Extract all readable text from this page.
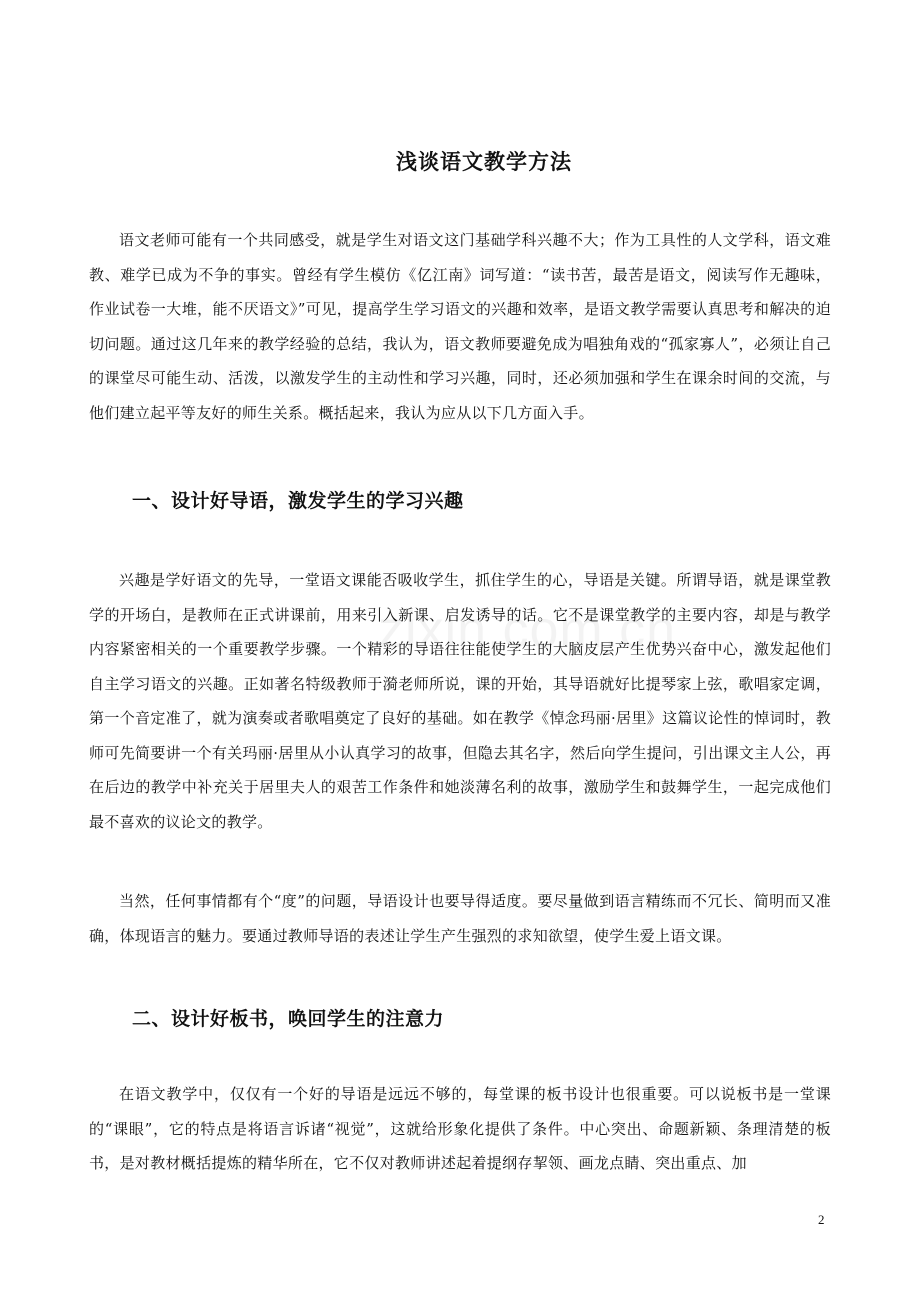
浅谈语文教学方法

语文老师可能有一个共同感受，就是学生对语文这门基础学科兴趣不大；作为工具性的人文学科，语文难教、难学已成为不争的事实。曾经有学生模仿《亿江南》词写道：“读书苦，最苦是语文，阅读写作无趣味，作业试卷一大堆，能不厌语文》”可见，提高学生学习语文的兴趣和效率，是语文教学需要认真思考和解决的迫切问题。通过这几年来的教学经验的总结，我认为，语文教师要避免成为唱独角戏的“孤家寡人”，必须让自己的课堂尽可能生动、活泼，以激发学生的主动性和学习兴趣，同时，还必须加强和学生在课余时间的交流，与他们建立起平等友好的师生关系。概括起来，我认为应从以下几方面入手。

一、设计好导语，激发学生的学习兴趣

兴趣是学好语文的先导，一堂语文课能否吸收学生，抓住学生的心，导语是关键。所谓导语，就是课堂教学的开场白，是教师在正式讲课前，用来引入新课、启发诱导的话。它不是课堂教学的主要内容，却是与教学内容紧密相关的一个重要教学步骤。一个精彩的导语往往能使学生的大脑皮层产生优势兴奋中心，激发起他们自主学习语文的兴趣。正如著名特级教师于漪老师所说，课的开始，其导语就好比提琴家上弦，歌唱家定调，第一个音定准了，就为演奏或者歌唱奠定了良好的基础。如在教学《悼念玛丽·居里》这篇议论性的悼词时，教师可先简要讲一个有关玛丽·居里从小认真学习的故事，但隐去其名字，然后向学生提问，引出课文主人公，再在后边的教学中补充关于居里夫人的艰苦工作条件和她淡薄名利的故事，激励学生和鼓舞学生，一起完成他们最不喜欢的议论文的教学。

当然，任何事情都有个“度”的问题，导语设计也要导得适度。要尽量做到语言精练而不冗长、简明而又准确，体现语言的魅力。要通过教师导语的表述让学生产生强烈的求知欲望，使学生爱上语文课。

二、设计好板书，唤回学生的注意力

在语文教学中，仅仅有一个好的导语是远远不够的，每堂课的板书设计也很重要。可以说板书是一堂课的“课眼”，它的特点是将语言诉诸“视觉”，这就给形象化提供了条件。中心突出、命题新颖、条理清楚的板书，是对教材概括提炼的精华所在，它不仅对教师讲述起着提纲存挈领、画龙点睛、突出重点、加

2
